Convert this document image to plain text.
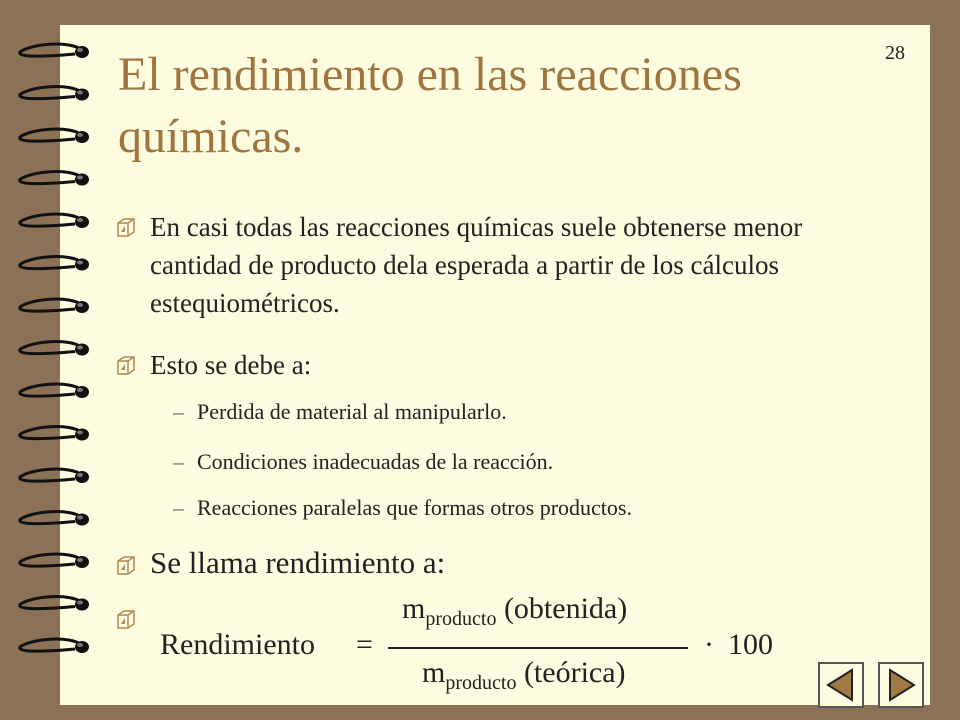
28
El rendimiento en las reacciones químicas.
En casi todas las reacciones químicas suele obtenerse menor cantidad de producto dela esperada a partir de los cálculos estequiométricos.
Esto se debe a:
– Perdida de material al manipularlo.
– Condiciones inadecuadas de la reacción.
– Reacciones paralelas que formas otros productos.
Se llama rendimiento a:
Rendimiento =
$m_{producto}$ (obtenida)
$m_{producto}$ (teórica)
· 100
